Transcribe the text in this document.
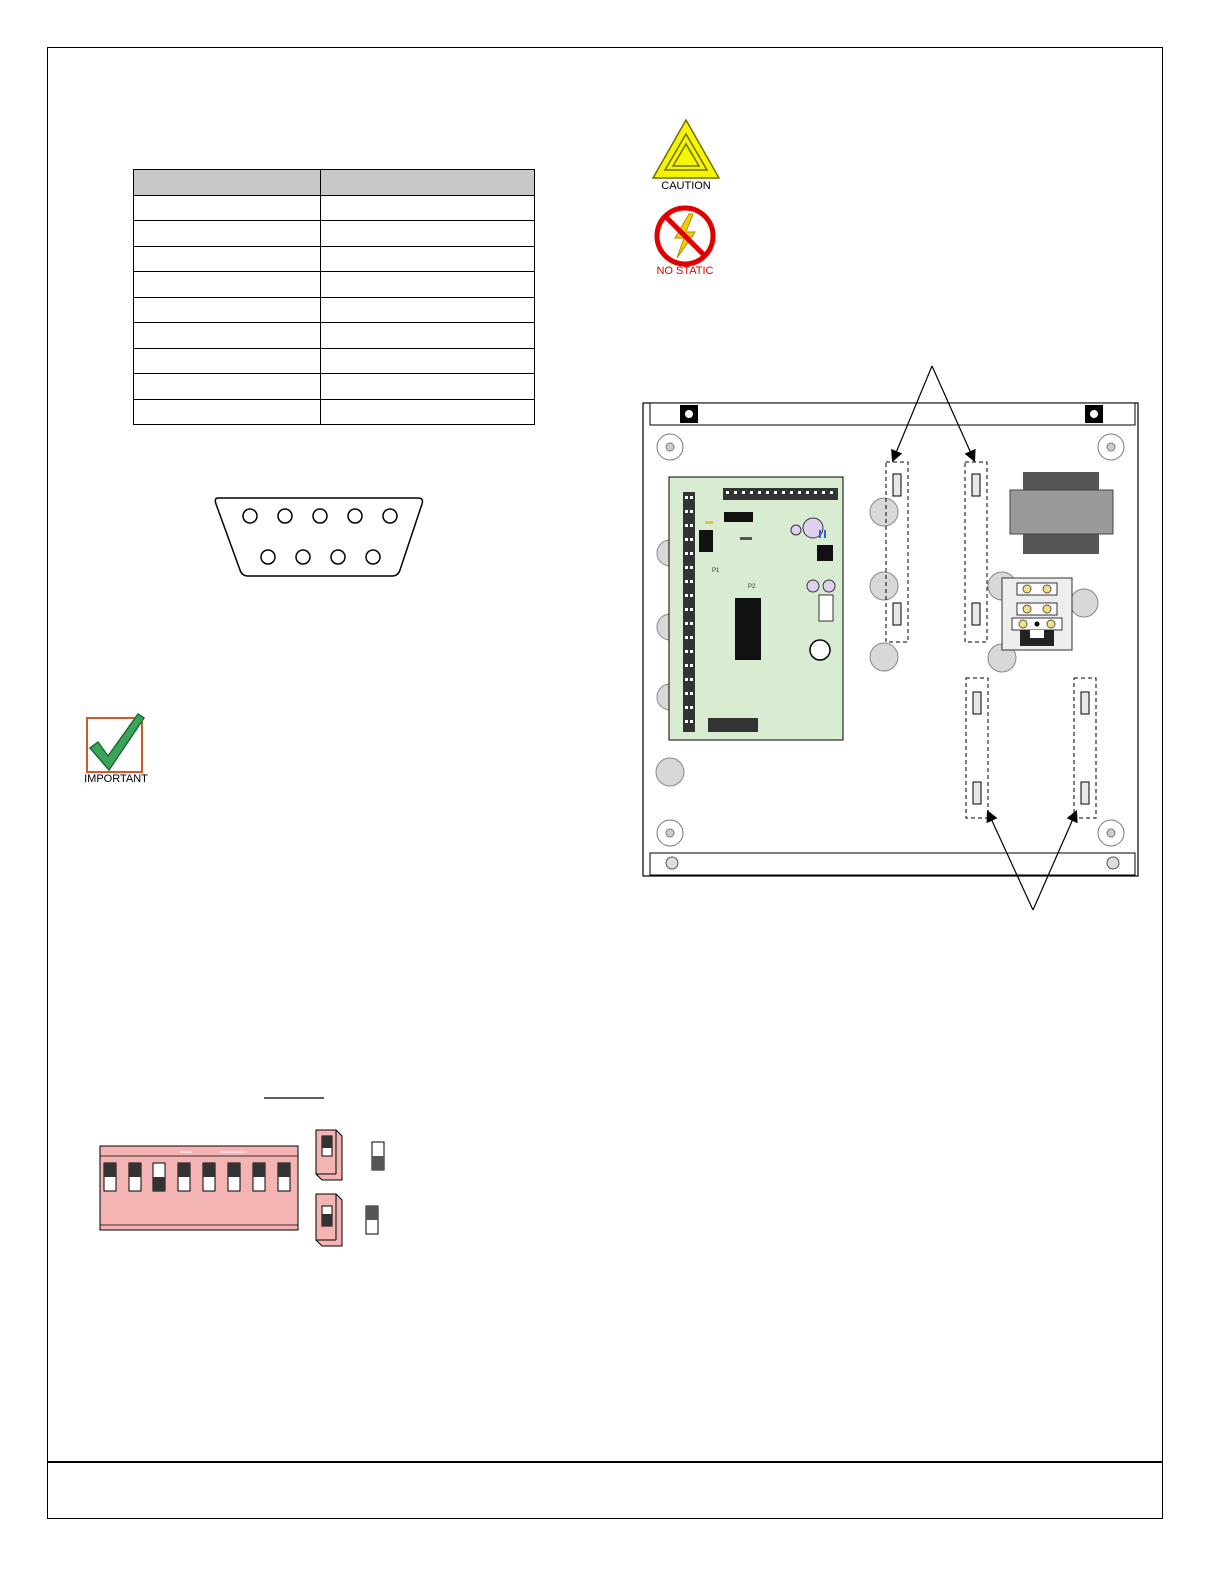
IMPORTANT
CAUTION
NO STATIC
P1
P2
